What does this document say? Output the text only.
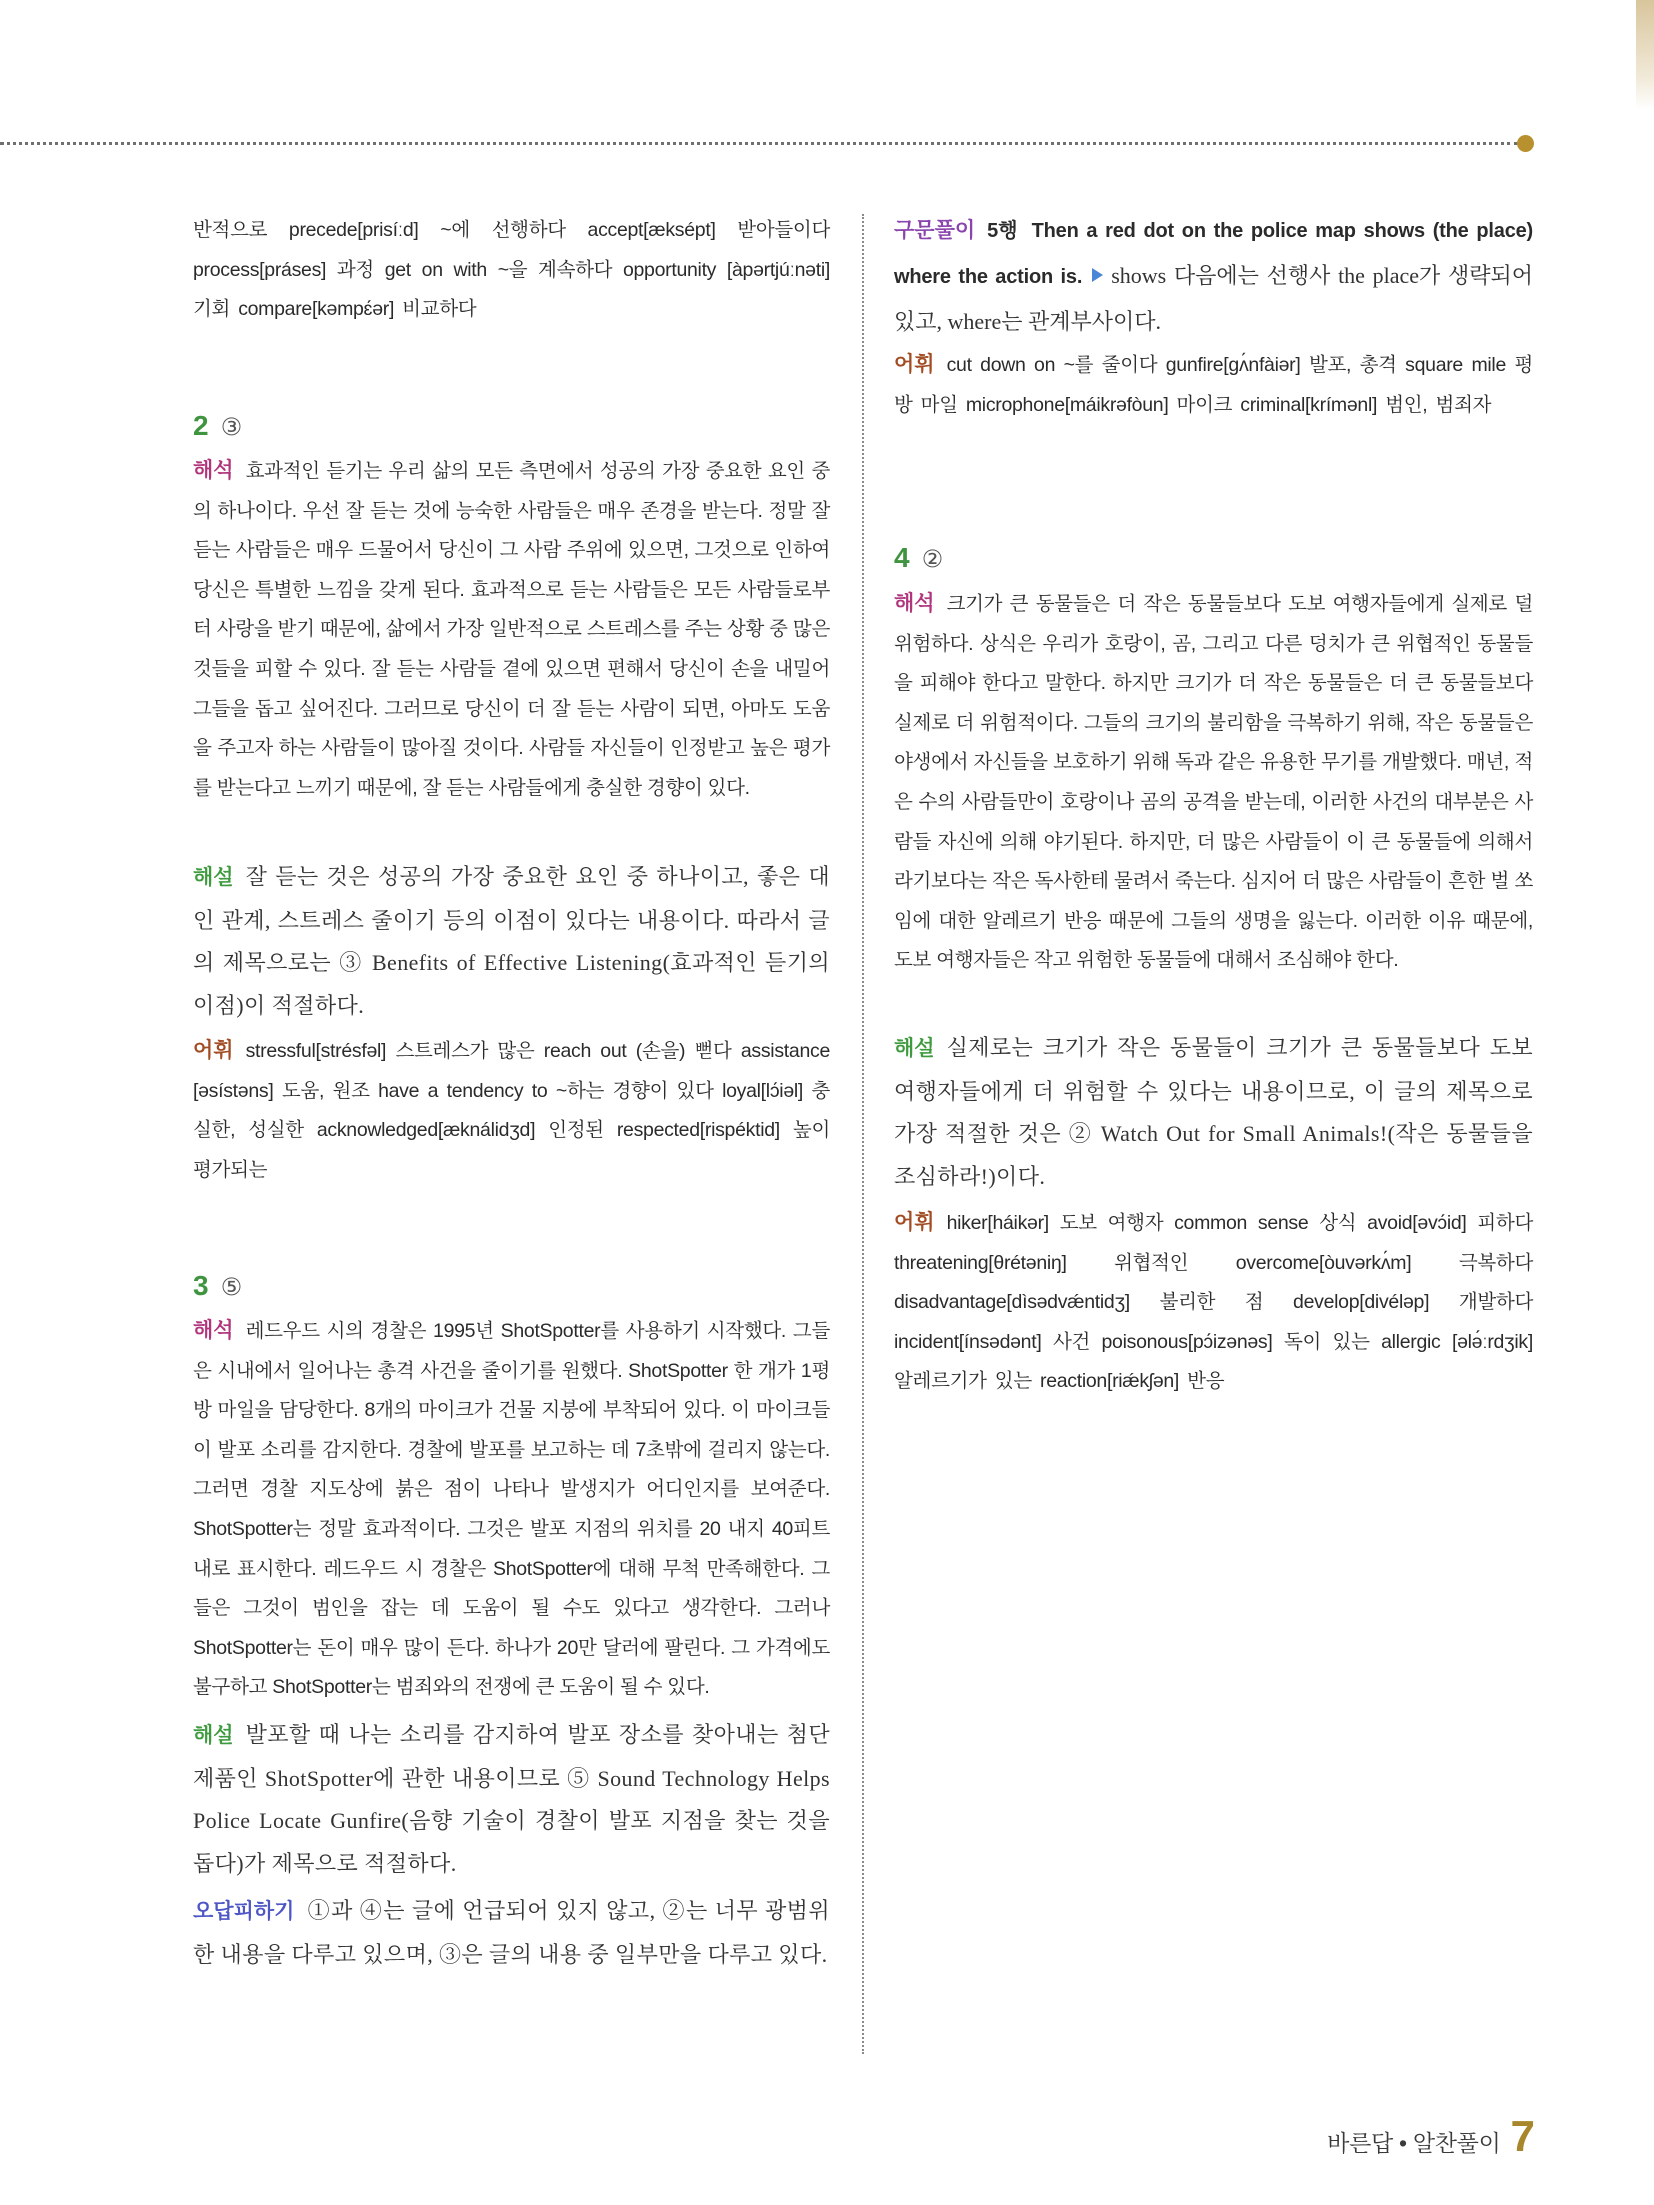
반적으로 precede[prisíːd] ~에 선행하다 accept[æksépt] 받아들이다 process[práses] 과정 get on with ~을 계속하다 opportunity [àpərtjúːnəti] 기회 compare[kəmpɛ́ər] 비교하다

2 ③

해석 효과적인 듣기는 우리 삶의 모든 측면에서 성공의 가장 중요한 요인 중의 하나이다. 우선 잘 듣는 것에 능숙한 사람들은 매우 존경을 받는다. 정말 잘 듣는 사람들은 매우 드물어서 당신이 그 사람 주위에 있으면, 그것으로 인하여 당신은 특별한 느낌을 갖게 된다. 효과적으로 듣는 사람들은 모든 사람들로부터 사랑을 받기 때문에, 삶에서 가장 일반적으로 스트레스를 주는 상황 중 많은 것들을 피할 수 있다. 잘 듣는 사람들 곁에 있으면 편해서 당신이 손을 내밀어 그들을 돕고 싶어진다. 그러므로 당신이 더 잘 듣는 사람이 되면, 아마도 도움을 주고자 하는 사람들이 많아질 것이다. 사람들 자신들이 인정받고 높은 평가를 받는다고 느끼기 때문에, 잘 듣는 사람들에게 충실한 경향이 있다.

해설 잘 듣는 것은 성공의 가장 중요한 요인 중 하나이고, 좋은 대인 관계, 스트레스 줄이기 등의 이점이 있다는 내용이다. 따라서 글의 제목으로는 ③ Benefits of Effective Listening(효과적인 듣기의 이점)이 적절하다.

어휘 stressful[strésfəl] 스트레스가 많은 reach out (손을) 뻗다 assistance [əsístəns] 도움, 원조 have a tendency to ~하는 경향이 있다 loyal[lɔ́iəl] 충실한, 성실한 acknowledged[æknálidʒd] 인정된 respected[rispéktid] 높이 평가되는

3 ⑤

해석 레드우드 시의 경찰은 1995년 ShotSpotter를 사용하기 시작했다. 그들은 시내에서 일어나는 총격 사건을 줄이기를 원했다. ShotSpotter 한 개가 1평방 마일을 담당한다. 8개의 마이크가 건물 지붕에 부착되어 있다. 이 마이크들이 발포 소리를 감지한다. 경찰에 발포를 보고하는 데 7초밖에 걸리지 않는다. 그러면 경찰 지도상에 붉은 점이 나타나 발생지가 어디인지를 보여준다. ShotSpotter는 정말 효과적이다. 그것은 발포 지점의 위치를 20 내지 40피트 내로 표시한다. 레드우드 시 경찰은 ShotSpotter에 대해 무척 만족해한다. 그들은 그것이 범인을 잡는 데 도움이 될 수도 있다고 생각한다. 그러나 ShotSpotter는 돈이 매우 많이 든다. 하나가 20만 달러에 팔린다. 그 가격에도 불구하고 ShotSpotter는 범죄와의 전쟁에 큰 도움이 될 수 있다.

해설 발포할 때 나는 소리를 감지하여 발포 장소를 찾아내는 첨단 제품인 ShotSpotter에 관한 내용이므로 ⑤ Sound Technology Helps Police Locate Gunfire(음향 기술이 경찰이 발포 지점을 찾는 것을 돕다)가 제목으로 적절하다.

오답피하기 ①과 ④는 글에 언급되어 있지 않고, ②는 너무 광범위한 내용을 다루고 있으며, ③은 글의 내용 중 일부만을 다루고 있다.

구문풀이 5행 Then a red dot on the police map shows (the place) where the action is. shows 다음에는 선행사 the place가 생략되어 있고, where는 관계부사이다.

어휘 cut down on ~를 줄이다 gunfire[gʌ́nfàiər] 발포, 총격 square mile 평방 마일 microphone[máikrəfòun] 마이크 criminal[krímənl] 범인, 범죄자

4 ②

해석 크기가 큰 동물들은 더 작은 동물들보다 도보 여행자들에게 실제로 덜 위험하다. 상식은 우리가 호랑이, 곰, 그리고 다른 덩치가 큰 위협적인 동물들을 피해야 한다고 말한다. 하지만 크기가 더 작은 동물들은 더 큰 동물들보다 실제로 더 위험적이다. 그들의 크기의 불리함을 극복하기 위해, 작은 동물들은 야생에서 자신들을 보호하기 위해 독과 같은 유용한 무기를 개발했다. 매년, 적은 수의 사람들만이 호랑이나 곰의 공격을 받는데, 이러한 사건의 대부분은 사람들 자신에 의해 야기된다. 하지만, 더 많은 사람들이 이 큰 동물들에 의해서라기보다는 작은 독사한테 물려서 죽는다. 심지어 더 많은 사람들이 흔한 벌 쏘임에 대한 알레르기 반응 때문에 그들의 생명을 잃는다. 이러한 이유 때문에, 도보 여행자들은 작고 위험한 동물들에 대해서 조심해야 한다.

해설 실제로는 크기가 작은 동물들이 크기가 큰 동물들보다 도보 여행자들에게 더 위험할 수 있다는 내용이므로, 이 글의 제목으로 가장 적절한 것은 ② Watch Out for Small Animals!(작은 동물들을 조심하라!)이다.

어휘 hiker[háikər] 도보 여행자 common sense 상식 avoid[əvɔ́id] 피하다 threatening[θrétəniŋ] 위협적인 overcome[òuvərkʌ́m] 극복하다 disadvantage[dìsədvǽntidʒ] 불리한 점 develop[divéləp] 개발하다 incident[ínsədənt] 사건 poisonous[pɔ́izənəs] 독이 있는 allergic [ələ́ːrdʒik] 알레르기가 있는 reaction[riǽkʃən] 반응

바른답 • 알찬풀이 7
